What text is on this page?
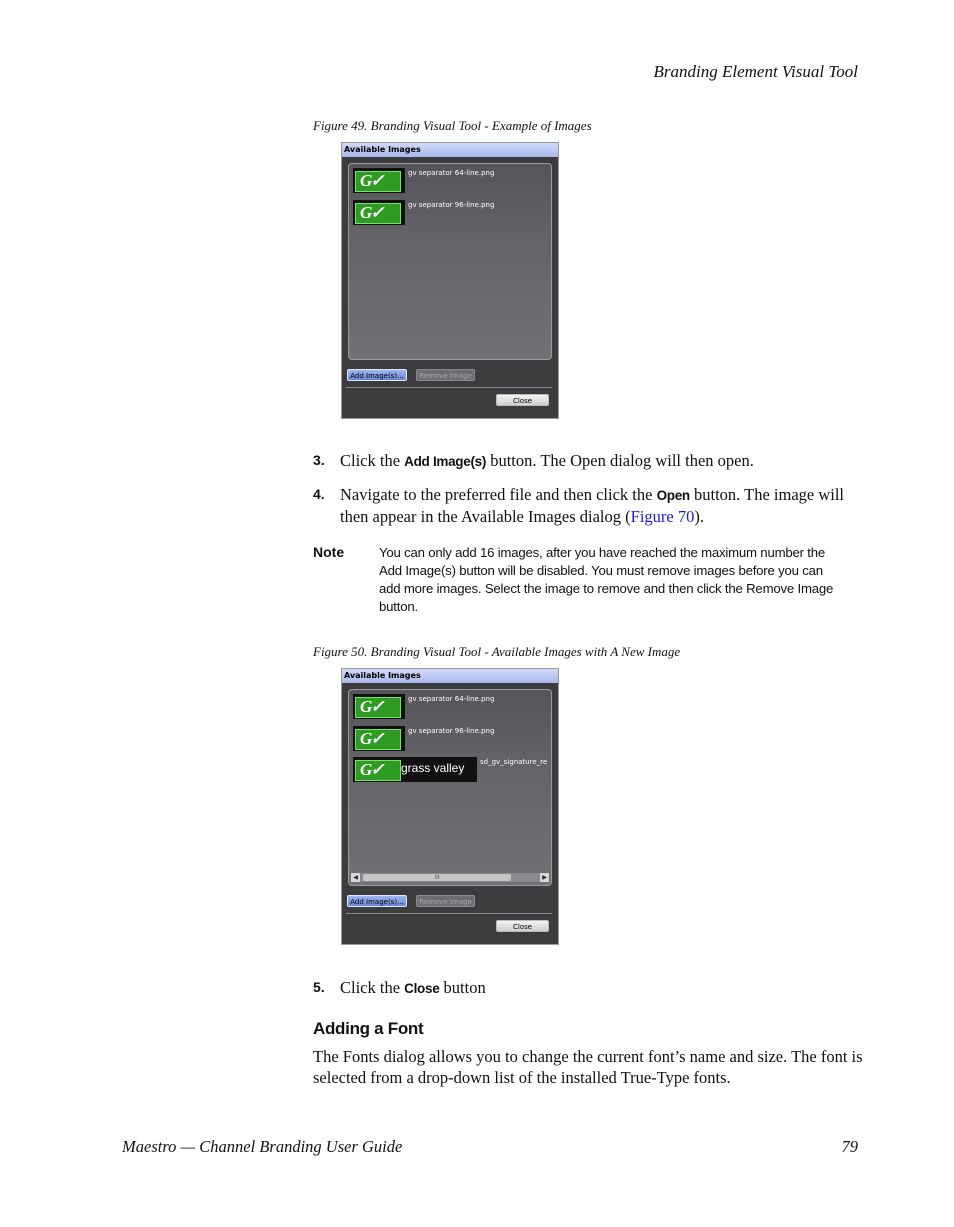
Branding Element Visual Tool
Figure 49. Branding Visual Tool - Example of Images
Available Images
G✓	gv separator 64-line.png
G✓	gv separator 96-line.png
Add Image(s)...	Remove Image
Close
3. Click the Add Image(s) button. The Open dialog will then open.
4. Navigate to the preferred file and then click the Open button. The image will then appear in the Available Images dialog (Figure 70).
Note	You can only add 16 images, after you have reached the maximum number the Add Image(s) button will be disabled. You must remove images before you can add more images. Select the image to remove and then click the Remove Image button.
Figure 50. Branding Visual Tool - Available Images with A New Image
Available Images
G✓	gv separator 64-line.png
G✓	gv separator 96-line.png
G✓ grass valley sd_gv_signature_re
◀	III	▶
Add Image(s)...	Remove Image
Close
5. Click the Close button
Adding a Font
The Fonts dialog allows you to change the current font’s name and size. The font is selected from a drop-down list of the installed True-Type fonts.
Maestro — Channel Branding User Guide	79
